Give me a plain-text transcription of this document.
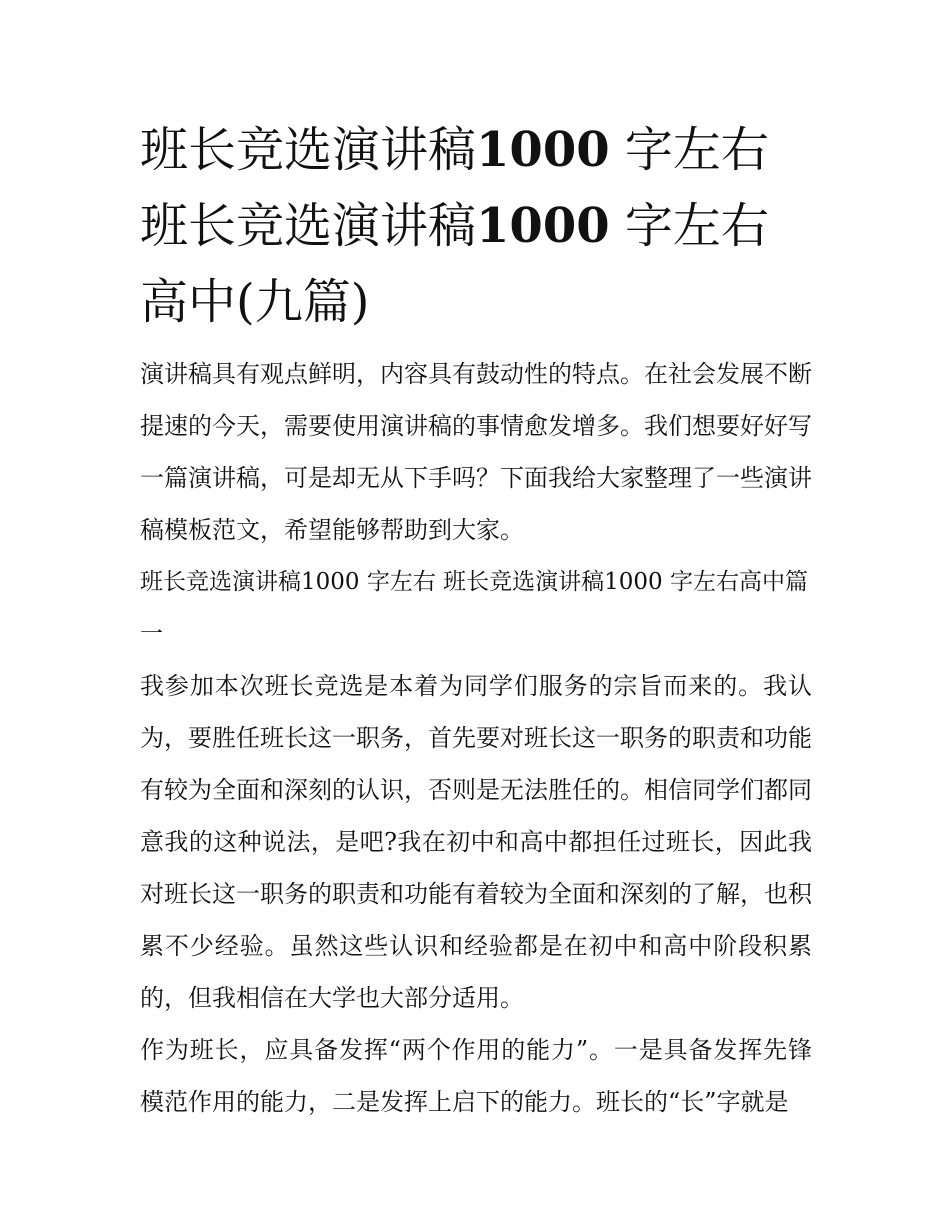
班长竞选演讲稿1000 字左右
班长竞选演讲稿1000 字左右高中(九篇)

演讲稿具有观点鲜明，内容具有鼓动性的特点。在社会发展不断提速的今天，需要使用演讲稿的事情愈发增多。我们想要好好写一篇演讲稿，可是却无从下手吗？下面我给大家整理了一些演讲稿模板范文，希望能够帮助到大家。

班长竞选演讲稿1000 字左右 班长竞选演讲稿1000 字左右高中篇一

我参加本次班长竞选是本着为同学们服务的宗旨而来的。我认为，要胜任班长这一职务，首先要对班长这一职务的职责和功能有较为全面和深刻的认识，否则是无法胜任的。相信同学们都同意我的这种说法，是吧?我在初中和高中都担任过班长，因此我对班长这一职务的职责和功能有着较为全面和深刻的了解，也积累不少经验。虽然这些认识和经验都是在初中和高中阶段积累的，但我相信在大学也大部分适用。

作为班长，应具备发挥“两个作用的能力”。一是具备发挥先锋模范作用的能力，二是发挥上启下的能力。班长的“长”字就是
